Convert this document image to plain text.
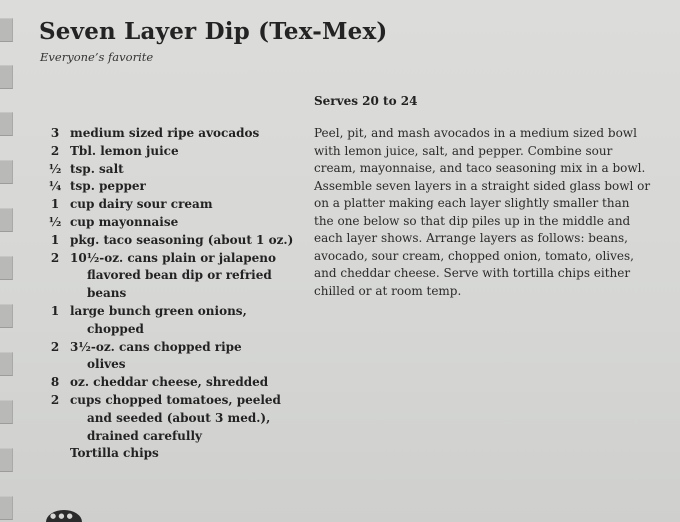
Seven Layer Dip (Tex-Mex)

Everyone’s favorite

Serves 20 to 24

3 medium sized ripe avocados
2 Tbl. lemon juice
½ tsp. salt
¼ tsp. pepper
1 cup dairy sour cream
½ cup mayonnaise
1 pkg. taco seasoning (about 1 oz.)
2 10½-oz. cans plain or jalapeno
flavored bean dip or refried
beans
1 large bunch green onions,
chopped
2 3½-oz. cans chopped ripe
olives
8 oz. cheddar cheese, shredded
2 cups chopped tomatoes, peeled
and seeded (about 3 med.),
drained carefully
Tortilla chips
Peel, pit, and mash avocados in a medium sized bowl
with lemon juice, salt, and pepper. Combine sour
cream, mayonnaise, and taco seasoning mix in a bowl.
Assemble seven layers in a straight sided glass bowl or
on a platter making each layer slightly smaller than
the one below so that dip piles up in the middle and
each layer shows. Arrange layers as follows: beans,
avocado, sour cream, chopped onion, tomato, olives,
and cheddar cheese. Serve with tortilla chips either
chilled or at room temp.
● ● ●
